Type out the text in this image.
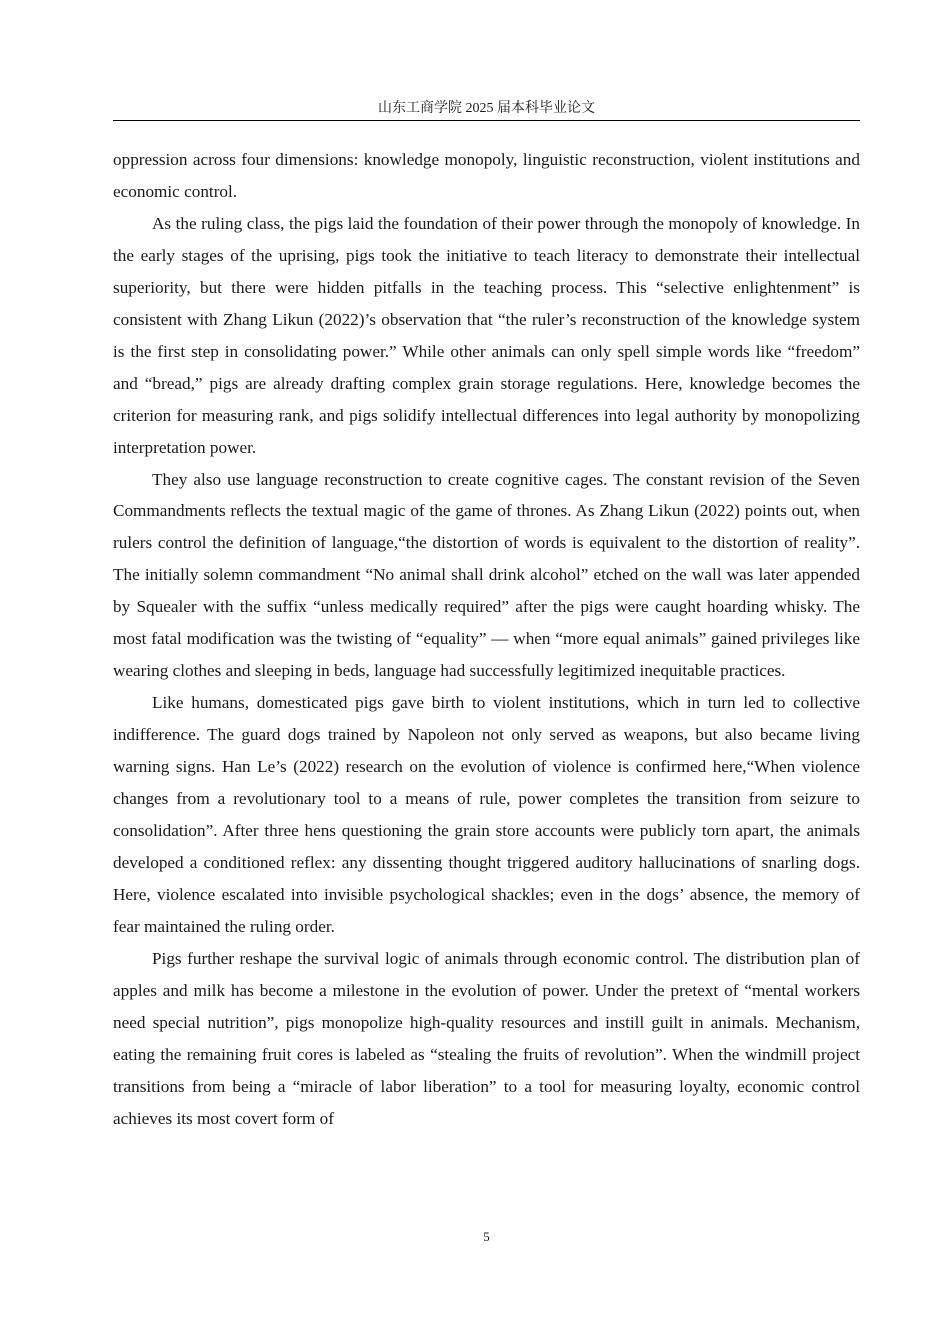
山东工商学院 2025 届本科毕业论文

oppression across four dimensions: knowledge monopoly, linguistic reconstruction, violent institutions and economic control.

As the ruling class, the pigs laid the foundation of their power through the monopoly of knowledge. In the early stages of the uprising, pigs took the initiative to teach literacy to demonstrate their intellectual superiority, but there were hidden pitfalls in the teaching process. This “selective enlightenment” is consistent with Zhang Likun (2022)’s observation that “the ruler’s reconstruction of the knowledge system is the first step in consolidating power.” While other animals can only spell simple words like “freedom” and “bread,” pigs are already drafting complex grain storage regulations. Here, knowledge becomes the criterion for measuring rank, and pigs solidify intellectual differences into legal authority by monopolizing interpretation power.

They also use language reconstruction to create cognitive cages. The constant revision of the Seven Commandments reflects the textual magic of the game of thrones. As Zhang Likun (2022) points out, when rulers control the definition of language,“the distortion of words is equivalent to the distortion of reality”. The initially solemn commandment “No animal shall drink alcohol” etched on the wall was later appended by Squealer with the suffix “unless medically required” after the pigs were caught hoarding whisky. The most fatal modification was the twisting of “equality” — when “more equal animals” gained privileges like wearing clothes and sleeping in beds, language had successfully legitimized inequitable practices.

Like humans, domesticated pigs gave birth to violent institutions, which in turn led to collective indifference. The guard dogs trained by Napoleon not only served as weapons, but also became living warning signs. Han Le’s (2022) research on the evolution of violence is confirmed here,“When violence changes from a revolutionary tool to a means of rule, power completes the transition from seizure to consolidation”. After three hens questioning the grain store accounts were publicly torn apart, the animals developed a conditioned reflex: any dissenting thought triggered auditory hallucinations of snarling dogs. Here, violence escalated into invisible psychological shackles; even in the dogs’ absence, the memory of fear maintained the ruling order.

Pigs further reshape the survival logic of animals through economic control. The distribution plan of apples and milk has become a milestone in the evolution of power. Under the pretext of “mental workers need special nutrition”, pigs monopolize high-quality resources and instill guilt in animals. Mechanism, eating the remaining fruit cores is labeled as “stealing the fruits of revolution”. When the windmill project transitions from being a “miracle of labor liberation” to a tool for measuring loyalty, economic control achieves its most covert form of

5
